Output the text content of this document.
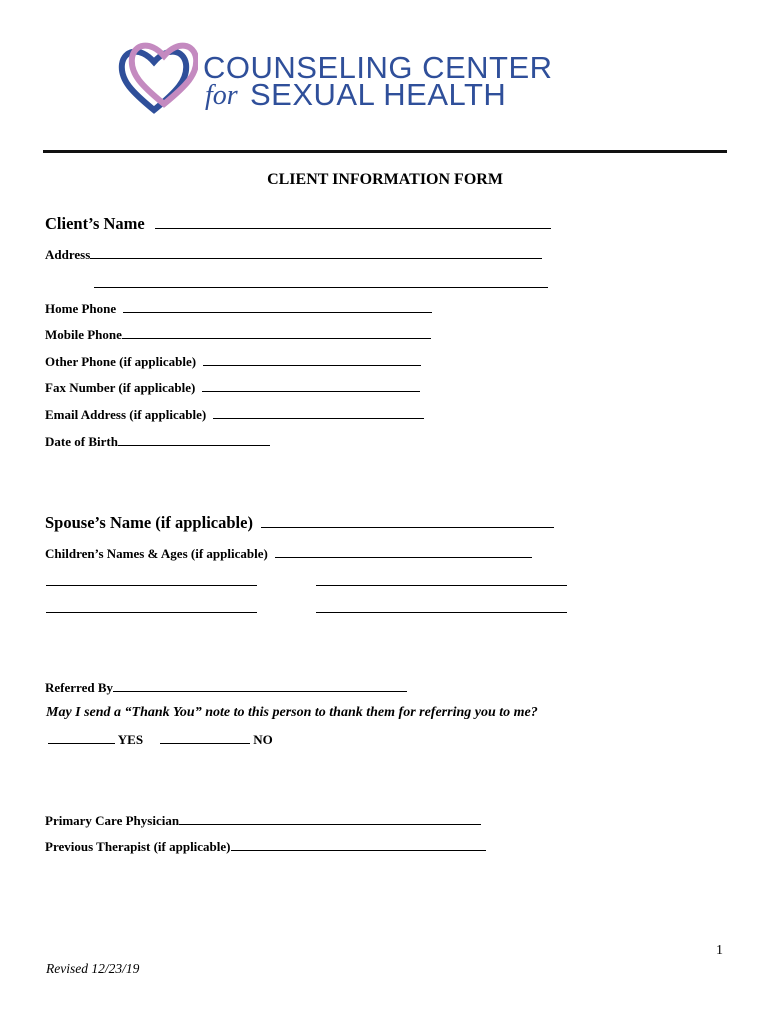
COUNSELING CENTER
for SEXUAL HEALTH
CLIENT INFORMATION FORM
Client’s Name
Address
Home Phone
Mobile Phone
Other Phone (if applicable)
Fax Number (if applicable)
Email Address (if applicable)
Date of Birth
Spouse’s Name (if applicable)
Children’s Names & Ages (if applicable)
Referred By
May I send a “Thank You” note to this person to thank them for referring you to me?
YES	NO
Primary Care Physician
Previous Therapist (if applicable)
1
Revised 12/23/19
